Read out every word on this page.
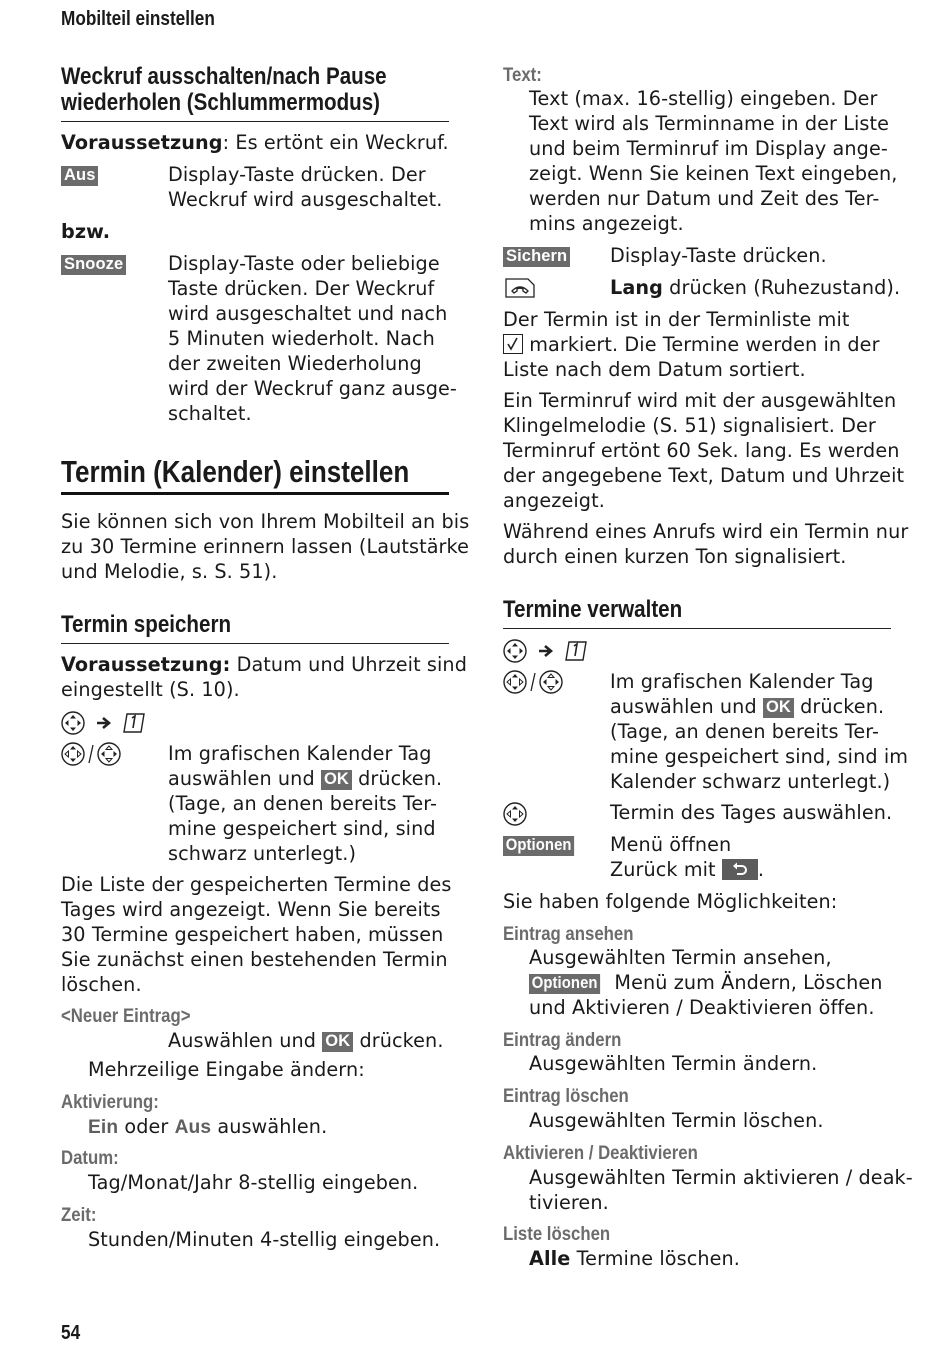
Mobilteil einstellen
Weckruf ausschalten/nach Pause
wiederholen (Schlummermodus)
Voraussetzung: Es ertönt ein Weckruf.
Aus	Display-Taste drücken. Der
Weckruf wird ausgeschaltet.
bzw.
Snooze Display-Taste oder beliebige
Taste drücken. Der Weckruf
wird ausgeschaltet und nach
5 Minuten wiederholt. Nach
der zweiten Wiederholung
wird der Weckruf ganz ausge-
schaltet.
Termin (Kalender) einstellen
Sie können sich von Ihrem Mobilteil an bis
zu 30 Termine erinnern lassen (Lautstärke
und Melodie, s. S. 51).
Termin speichern
Voraussetzung: Datum und Uhrzeit sind
eingestellt (S. 10).
Im grafischen Kalender Tag
auswählen und OK drücken.
(Tage, an denen bereits Ter-
mine gespeichert sind, sind
schwarz unterlegt.)
Die Liste der gespeicherten Termine des
Tages wird angezeigt. Wenn Sie bereits
30 Termine gespeichert haben, müssen
Sie zunächst einen bestehenden Termin
löschen.
<Neuer Eintrag>
Auswählen und OK drücken.
Mehrzeilige Eingabe ändern:
Aktivierung:
Ein oder Aus auswählen.
Datum:
Tag/Monat/Jahr 8-stellig eingeben.
Zeit:
Stunden/Minuten 4-stellig eingeben.
Text:
Text (max. 16-stellig) eingeben. Der
Text wird als Terminname in der Liste
und beim Terminruf im Display ange-
zeigt. Wenn Sie keinen Text eingeben,
werden nur Datum und Zeit des Ter-
mins angezeigt.
Sichern Display-Taste drücken.
Lang drücken (Ruhezustand).
Der Termin ist in der Terminliste mit
markiert. Die Termine werden in der
Liste nach dem Datum sortiert.
Ein Terminruf wird mit der ausgewählten
Klingelmelodie (S. 51) signalisiert. Der
Terminruf ertönt 60 Sek. lang. Es werden
der angegebene Text, Datum und Uhrzeit
angezeigt.
Während eines Anrufs wird ein Termin nur
durch einen kurzen Ton signalisiert.
Termine verwalten
Im grafischen Kalender Tag
auswählen und OK drücken.
(Tage, an denen bereits Ter-
mine gespeichert sind, sind im
Kalender schwarz unterlegt.)
Termin des Tages auswählen.
Optionen	Menü öffnen
Zurück mit
.
Sie haben folgende Möglichkeiten:
Eintrag ansehen
Ausgewählten Termin ansehen,
Optionen Menü zum Ändern, Löschen
und Aktivieren / Deaktivieren öffen.
Eintrag ändern
Ausgewählten Termin ändern.
Eintrag löschen
Ausgewählten Termin löschen.
Aktivieren / Deaktivieren
Ausgewählten Termin aktivieren / deak-
tivieren.
Liste löschen
Alle Termine löschen.
54
